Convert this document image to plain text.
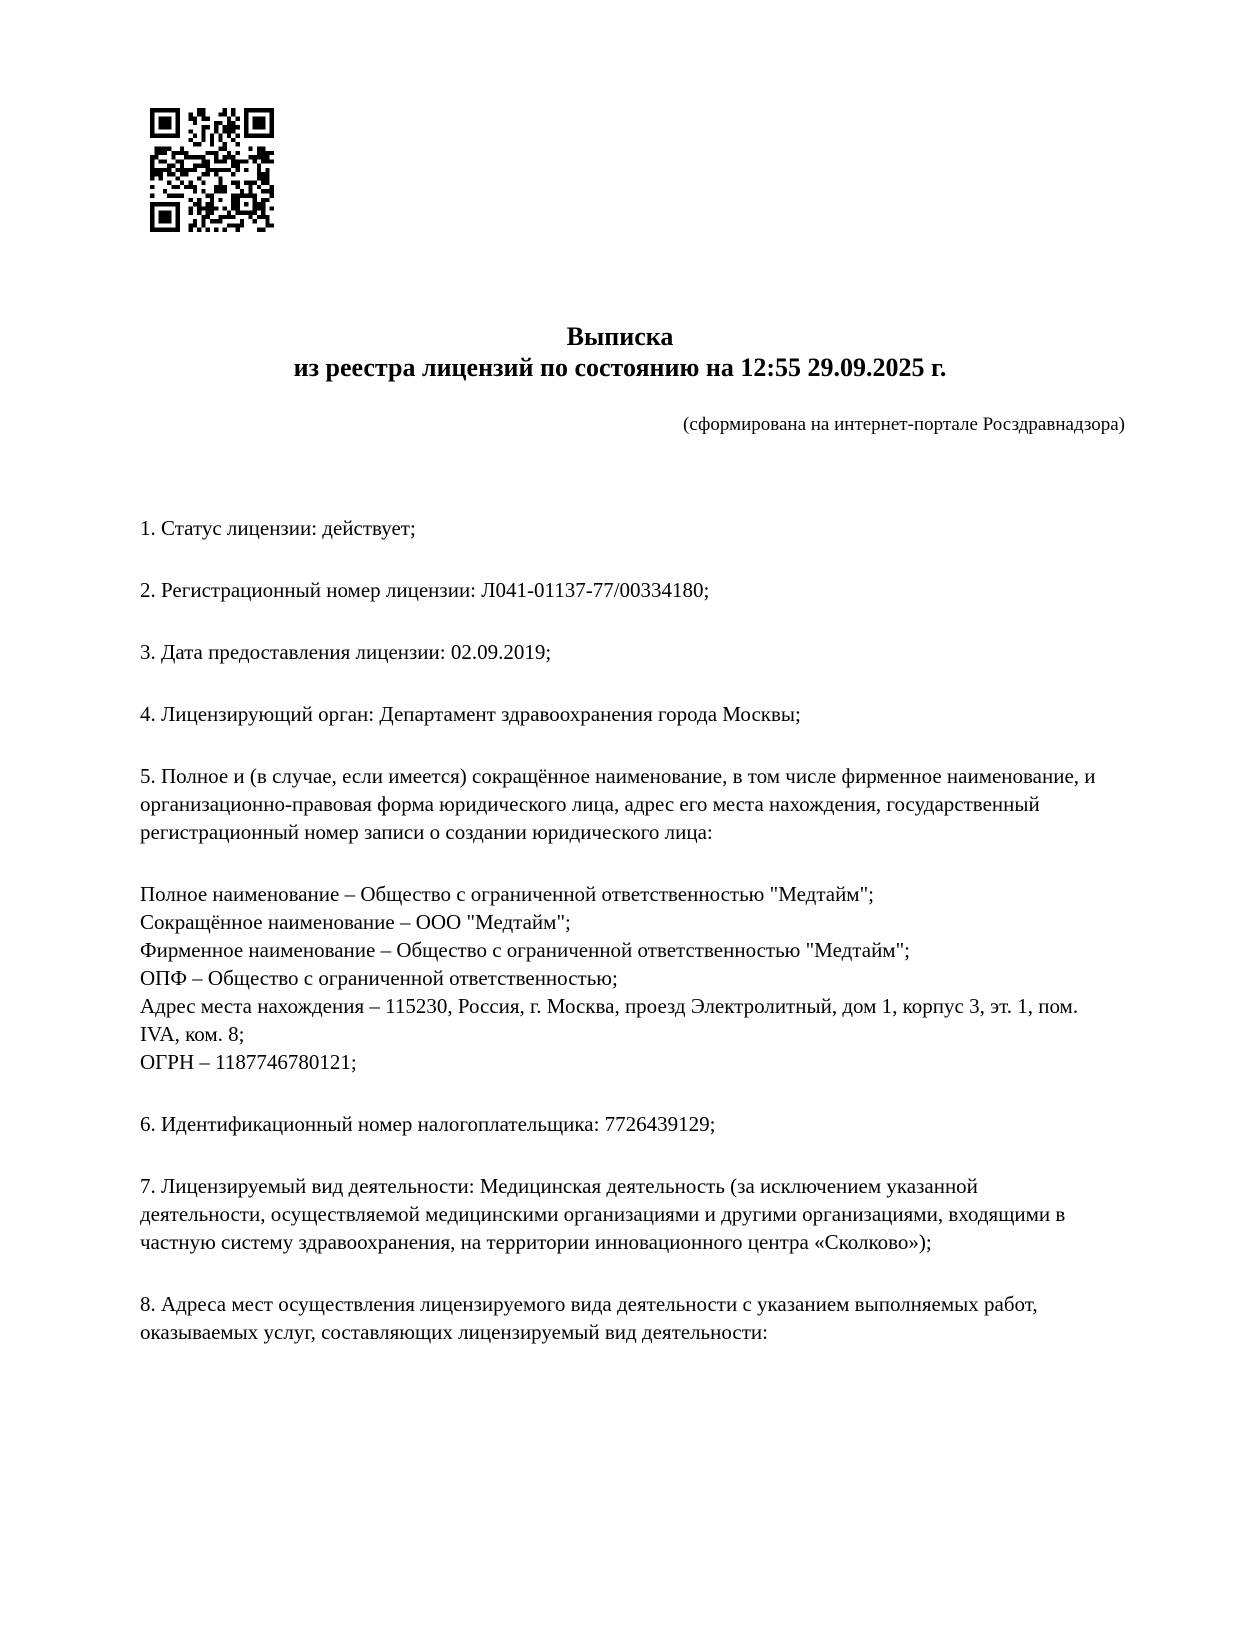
Выписка
из реестра лицензий по состоянию на 12:55 29.09.2025 г.
(сформирована на интернет-портале Росздравнадзора)

1. Статус лицензии: действует;

2. Регистрационный номер лицензии: Л041-01137-77/00334180;

3. Дата предоставления лицензии: 02.09.2019;

4. Лицензирующий орган: Департамент здравоохранения города Москвы;

5. Полное и (в случае, если имеется) сокращённое наименование, в том числе фирменное наименование, и организационно-правовая форма юридического лица, адрес его места нахождения, государственный регистрационный номер записи о создании юридического лица:

Полное наименование – Общество с ограниченной ответственностью "Медтайм";
Сокращённое наименование – ООО "Медтайм";
Фирменное наименование – Общество с ограниченной ответственностью "Медтайм";
ОПФ – Общество с ограниченной ответственностью;
Адрес места нахождения – 115230, Россия, г. Москва, проезд Электролитный, дом 1, корпус 3, эт. 1, пом. IVA, ком. 8;
ОГРН – 1187746780121;

6. Идентификационный номер налогоплательщика: 7726439129;

7. Лицензируемый вид деятельности: Медицинская деятельность (за исключением указанной деятельности, осуществляемой медицинскими организациями и другими организациями, входящими в частную систему здравоохранения, на территории инновационного центра «Сколково»);

8. Адреса мест осуществления лицензируемого вида деятельности с указанием выполняемых работ, оказываемых услуг, составляющих лицензируемый вид деятельности:
